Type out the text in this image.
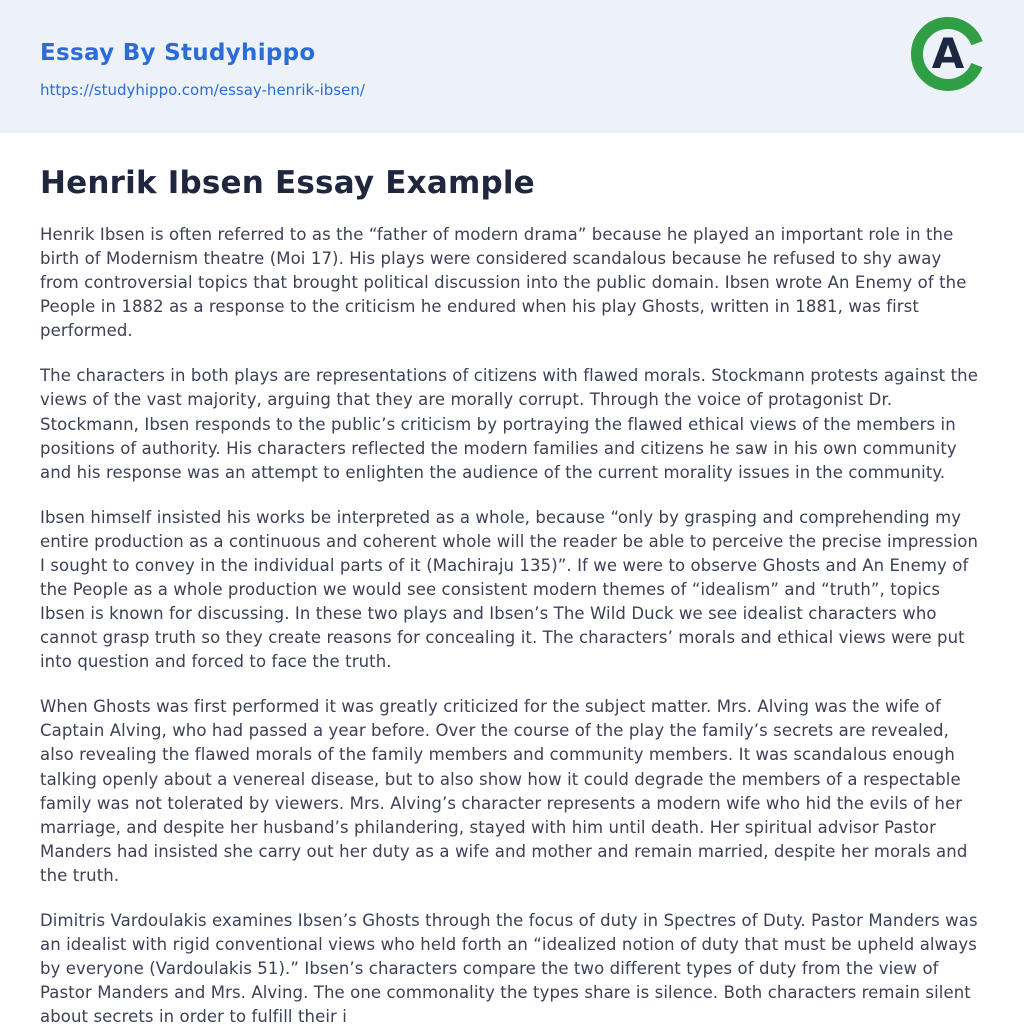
Essay By Studyhippo
https://studyhippo.com/essay-henrik-ibsen/
A
Henrik Ibsen Essay Example

Henrik Ibsen is often referred to as the “father of modern drama” because he played an important role in the birth of Modernism theatre (Moi 17). His plays were considered scandalous because he refused to shy away from controversial topics that brought political discussion into the public domain. Ibsen wrote An Enemy of the People in 1882 as a response to the criticism he endured when his play Ghosts, written in 1881, was first performed.

The characters in both plays are representations of citizens with flawed morals. Stockmann protests against the views of the vast majority, arguing that they are morally corrupt. Through the voice of protagonist Dr. Stockmann, Ibsen responds to the public’s criticism by portraying the flawed ethical views of the members in positions of authority. His characters reflected the modern families and citizens he saw in his own community and his response was an attempt to enlighten the audience of the current morality issues in the community.

Ibsen himself insisted his works be interpreted as a whole, because “only by grasping and comprehending my entire production as a continuous and coherent whole will the reader be able to perceive the precise impression I sought to convey in the individual parts of it (Machiraju 135)”. If we were to observe Ghosts and An Enemy of the People as a whole production we would see consistent modern themes of “idealism” and “truth”, topics Ibsen is known for discussing. In these two plays and Ibsen’s The Wild Duck we see idealist characters who cannot grasp truth so they create reasons for concealing it. The characters’ morals and ethical views were put into question and forced to face the truth.

When Ghosts was first performed it was greatly criticized for the subject matter. Mrs. Alving was the wife of Captain Alving, who had passed a year before. Over the course of the play the family’s secrets are revealed, also revealing the flawed morals of the family members and community members. It was scandalous enough talking openly about a venereal disease, but to also show how it could degrade the members of a respectable family was not tolerated by viewers. Mrs. Alving’s character represents a modern wife who hid the evils of her marriage, and despite her husband’s philandering, stayed with him until death. Her spiritual advisor Pastor Manders had insisted she carry out her duty as a wife and mother and remain married, despite her morals and the truth.

Dimitris Vardoulakis examines Ibsen’s Ghosts through the focus of duty in Spectres of Duty. Pastor Manders was an idealist with rigid conventional views who held forth an “idealized notion of duty that must be upheld always by everyone (Vardoulakis 51).” Ibsen’s characters compare the two different types of duty from the view of Pastor Manders and Mrs. Alving. The one commonality the types share is silence. Both characters remain silent about secrets in order to fulfill their i
